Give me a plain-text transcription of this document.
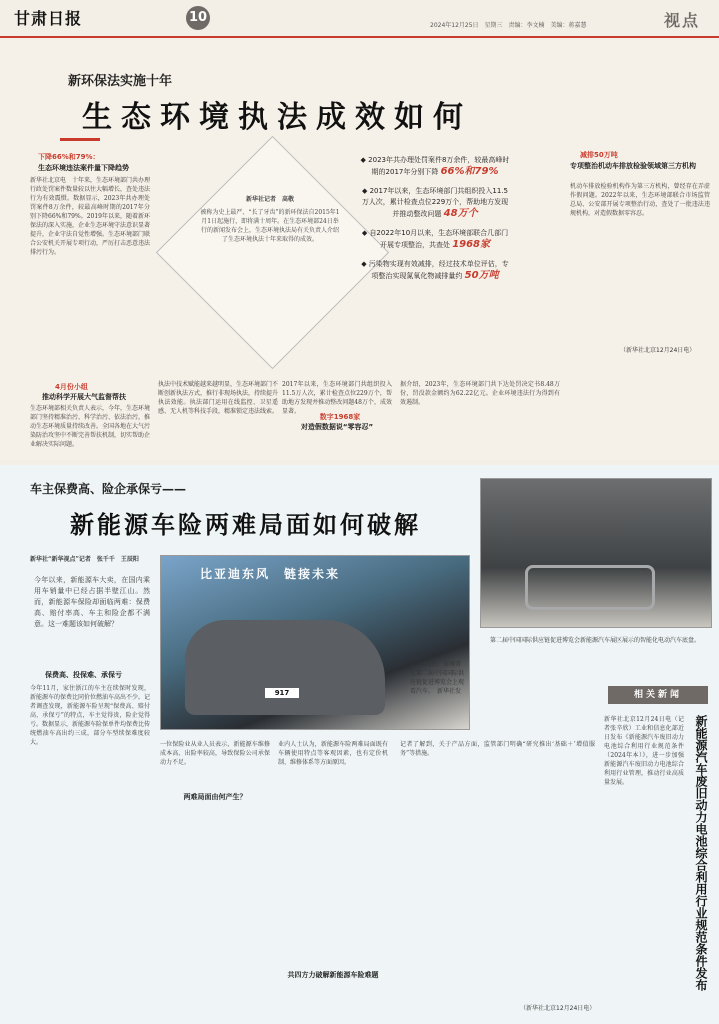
甘肃日报	10
2024年12月25日　星期三　责编：李文楠　美编：蒋嘉慧	视点
新环保法实施十年
生态环境执法成效如何
下降66%和79%：
生态环境违法案件量下降趋势
新华社北京电　十年来，生态环境部门共办理行政处罚案件数量较以往大幅增长，查处违法行为有效震慑。数据显示，2023年共办理处罚案件8万余件，较最高峰时期的2017年分别下降66%和79%。2019年以来，随着新环保法的深入实施，企业生态环境守法意识显著提升，企业守法自觉性增强。生态环境部门联合公安机关开展专项行动，严厉打击恶意违法排污行为。
4月份小组
推动科学开展大气监督帮扶
生态环境部相关负责人表示，今年，生态环境部门坚持精准治污、科学治污、依法治污，推动生态环境质量持续改善。全国各地在大气污染防治攻坚中不断完善帮扶机制，切实帮助企业解决实际问题。
新华社记者　高敬
被称为史上最严、“长了牙齿”的新环保法自2015年1月1日起施行，即将满十周年。在生态环境部24日举行的新闻发布会上，生态环境执法局有关负责人介绍了生态环境执法十年来取得的成效。
◆ 2023年共办理处罚案件8万余件，较最高峰时期的2017年分别下降 66%和79%
◆ 2017年以来，生态环境部门共组织投入11.5万人次，累计检查点位229万个，帮助地方发现并推动整改问题 48万个
◆ 自2022年10月以来，生态环境部联合几部门开展专项整治，共查处 1968家
◆ 污染物实现有效减排，经过技术单位评估，专项整治实现氮氧化物减排量约 50万吨
执法中技术赋能越来越明显，生态环境部门不断创新执法方式，推行非现场执法，持续提升执法效能。执法部门运用在线监控、卫星遥感、无人机等科技手段，精准锁定违法线索。
2017年以来，生态环境部门共组织投入11.5万人次，累计检查点位229万个，帮助地方发现并推动整改问题48万个，成效显著。
数字1968家
对造假数据说“零容忍”
据介绍，2023年，生态环境部门共下达处罚决定书8.48万份，罚没款金额约为62.22亿元。企业环境违法行为得到有效遏制。
减排50万吨
专项整治机动车排放检验领域第三方机构
机动车排放检验机构作为第三方机构，曾经存在弄虚作假问题。2022年以来，生态环境部联合市场监管总局、公安部开展专项整治行动，查处了一批违法违规机构，对造假数据零容忍。
（新华社北京12月24日电）
车主保费高、险企承保亏——
新能源车险两难局面如何破解
新华社“新华视点”记者　张千千　王辰阳
今年以来，新能源车大卖，在国内乘用车销量中已经占据半壁江山。然而，新能源车保险却面临两难：保费高、赔付率高、车主和险企都不满意。这一难题该如何破解？
保费高、投保难、承保亏
今年11月，家住浙江的车主在续保时发现，新能源车的保费比同价位燃油车高出不少。记者调查发现，新能源车险呈现“保费高、赔付高、承保亏”的特点，车主觉得贵，险企觉得亏。数据显示，新能源车险保单件均保费比传统燃油车高出约三成，部分车型续保难度较大。
比亚迪东风　链接未来
917
11月23日，参观者在第二届中国国际供应链促进博览会上观看汽车。　新华社发
第二届中国国际供应链促进博览会新能源汽车展区展示的智能化电动汽车底盘。
一位保险业从业人员表示，新能源车维修成本高、出险率较高，导致保险公司承保动力不足。
两难局面由何产生？
业内人士认为，新能源车险两难局面既有车辆使用特点等客观因素，也有定价机制、维修体系等方面原因。
共四方力破解新能源车险难题
记者了解到，关于产品方面，监管部门明确“研究推出‘基础＋’增值服务”等措施。
（新华社北京12月24日电）
相关新闻
新能源汽车废旧动力电池综合利用行业规范条件发布
新华社北京12月24日电（记者张辛欣）工业和信息化部近日发布《新能源汽车废旧动力电池综合利用行业规范条件（2024年本）》，进一步加强新能源汽车废旧动力电池综合利用行业管理，推动行业高质量发展。
